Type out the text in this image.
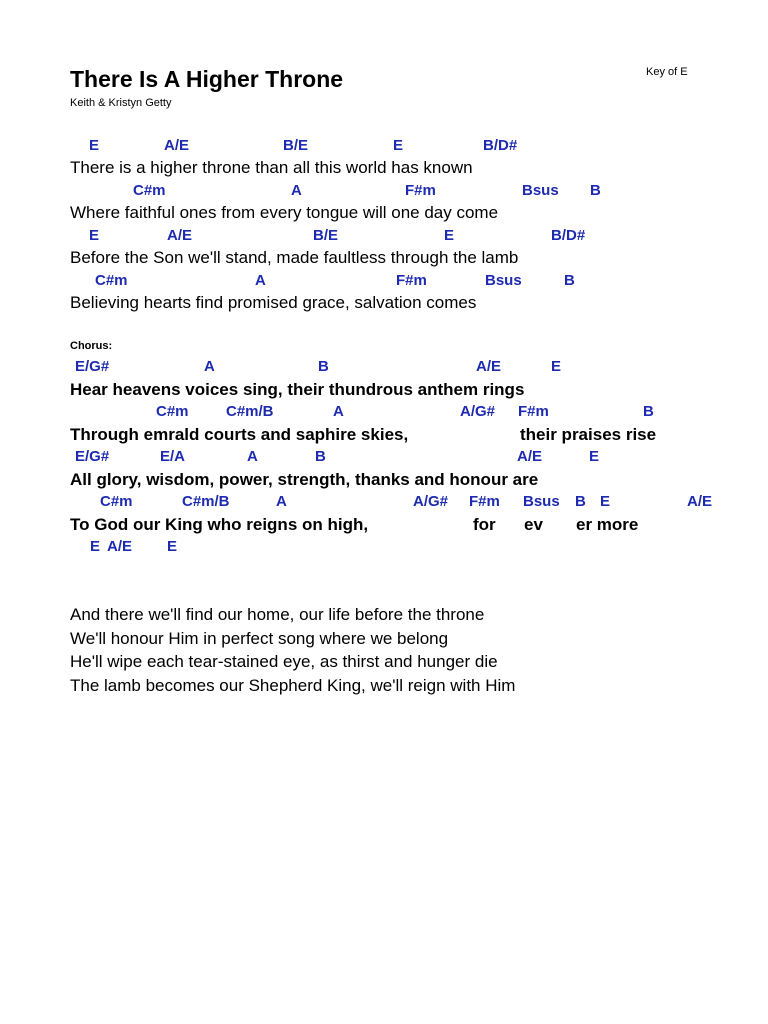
There Is A Higher Throne
Keith & Kristyn Getty
Key of E
E	A/E	B/E	E	B/D#
There is a higher throne than all this world has known
C#m	A	F#m	Bsus B
Where faithful ones from every tongue will one day come
E	A/E	B/E	E	B/D#
Before the Son we'll stand, made faultless through the lamb
C#m	A	F#m	Bsus	B
Believing hearts find promised grace, salvation comes
Chorus:
E/G#	A	B	A/E	E
Hear heavens voices sing, their thundrous anthem rings
C#m C#m/B	A	A/G# F#m	B
Through emrald courts and saphire skies,	their praises rise
E/G#	E/A	A	B	A/E	E
All glory, wisdom, power, strength, thanks and honour are
C#m	C#m/B	A	A/G# F#m Bsus B E	A/E
To God our King who reigns on high,	for ev er more
E A/E E
And there we'll find our home, our life before the throne
We'll honour Him in perfect song where we belong
He'll wipe each tear-stained eye, as thirst and hunger die
The lamb becomes our Shepherd King, we'll reign with Him
